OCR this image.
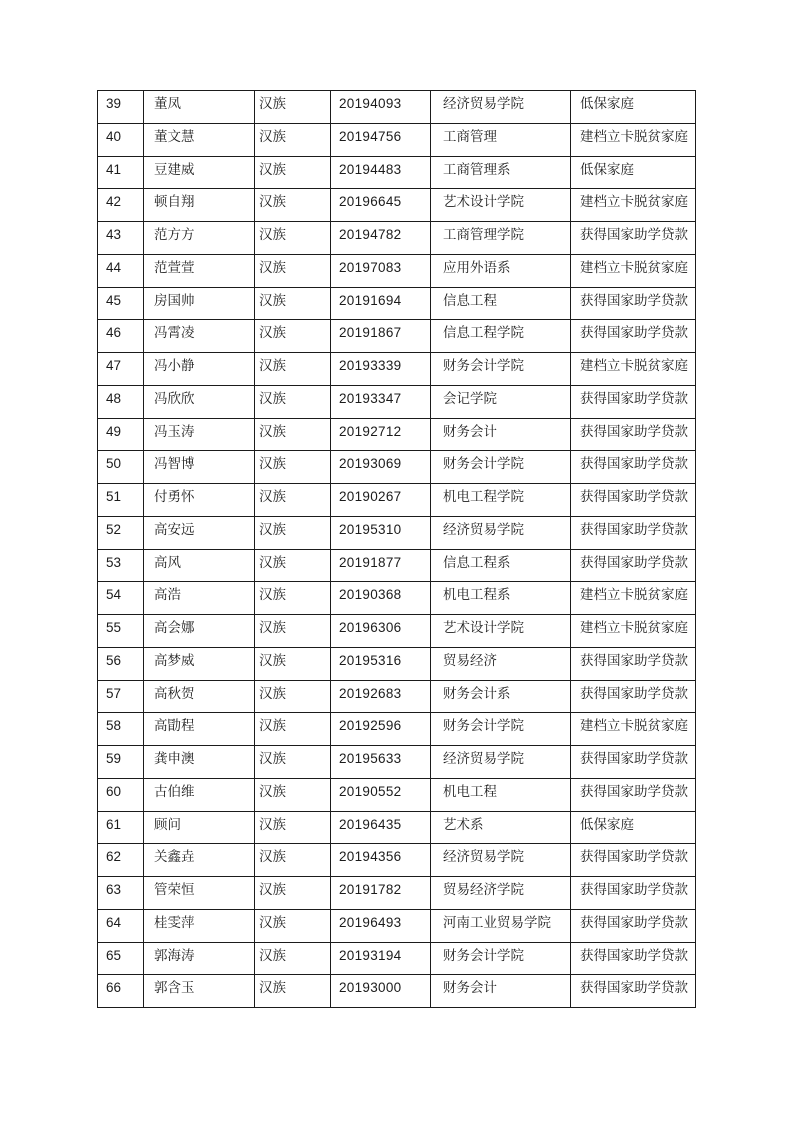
39	董凤	汉族	20194093	经济贸易学院	低保家庭
40	董文慧	汉族	20194756	工商管理	建档立卡脱贫家庭
41	豆建威	汉族	20194483	工商管理系	低保家庭
42	顿自翔	汉族	20196645	艺术设计学院	建档立卡脱贫家庭
43	范方方	汉族	20194782	工商管理学院	获得国家助学贷款
44	范萱萱	汉族	20197083	应用外语系	建档立卡脱贫家庭
45	房国帅	汉族	20191694	信息工程	获得国家助学贷款
46	冯霄凌	汉族	20191867	信息工程学院	获得国家助学贷款
47	冯小静	汉族	20193339	财务会计学院	建档立卡脱贫家庭
48	冯欣欣	汉族	20193347	会记学院	获得国家助学贷款
49	冯玉涛	汉族	20192712	财务会计	获得国家助学贷款
50	冯智博	汉族	20193069	财务会计学院	获得国家助学贷款
51	付勇怀	汉族	20190267	机电工程学院	获得国家助学贷款
52	高安远	汉族	20195310	经济贸易学院	获得国家助学贷款
53	高风	汉族	20191877	信息工程系	获得国家助学贷款
54	高浩	汉族	20190368	机电工程系	建档立卡脱贫家庭
55	高会娜	汉族	20196306	艺术设计学院	建档立卡脱贫家庭
56	高梦威	汉族	20195316	贸易经济	获得国家助学贷款
57	高秋贺	汉族	20192683	财务会计系	获得国家助学贷款
58	高勖程	汉族	20192596	财务会计学院	建档立卡脱贫家庭
59	龚申澳	汉族	20195633	经济贸易学院	获得国家助学贷款
60	古伯维	汉族	20190552	机电工程	获得国家助学贷款
61	顾问	汉族	20196435	艺术系	低保家庭
62	关鑫垚	汉族	20194356	经济贸易学院	获得国家助学贷款
63	管荣恒	汉族	20191782	贸易经济学院	获得国家助学贷款
64	桂雯萍	汉族	20196493	河南工业贸易学院	获得国家助学贷款
65	郭海涛	汉族	20193194	财务会计学院	获得国家助学贷款
66	郭含玉	汉族	20193000	财务会计	获得国家助学贷款
